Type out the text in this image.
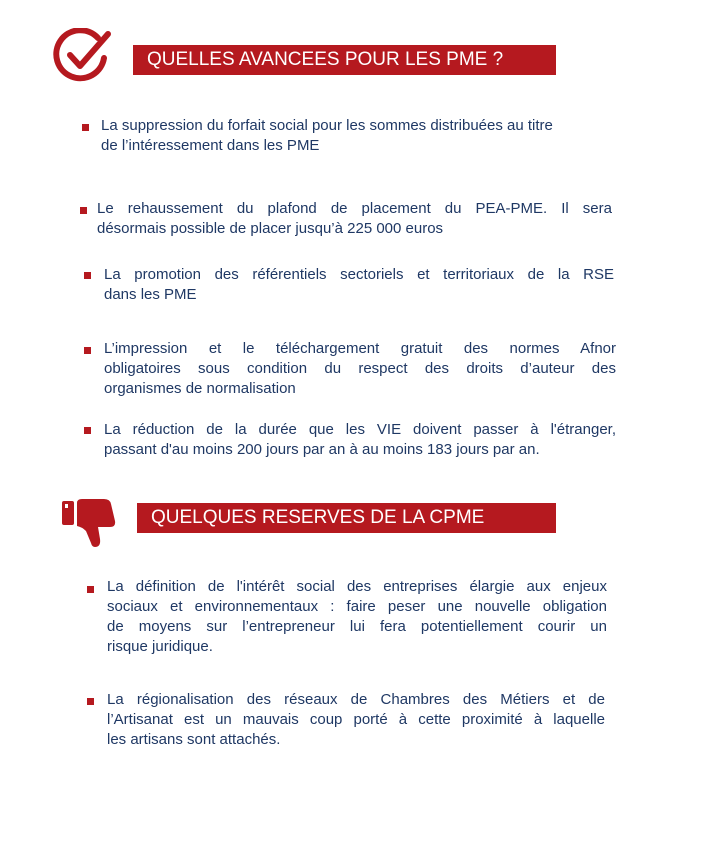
QUELLES AVANCEES POUR LES PME ?
La suppression du forfait social pour les sommes distribuées au titre
de l’intéressement dans les PME
Le rehaussement du plafond de placement du PEA-PME. Il sera
désormais possible de placer jusqu’à 225 000 euros
La promotion des référentiels sectoriels et territoriaux de la RSE
dans les PME
L’impression et le téléchargement gratuit des normes Afnor
obligatoires sous condition du respect des droits d’auteur des
organismes de normalisation
La réduction de la durée que les VIE doivent passer à l'étranger,
passant d'au moins 200 jours par an à au moins 183 jours par an.
QUELQUES RESERVES DE LA CPME
La définition de l'intérêt social des entreprises élargie aux enjeux
sociaux et environnementaux : faire peser une nouvelle obligation
de moyens sur l’entrepreneur lui fera potentiellement courir un
risque juridique.
La régionalisation des réseaux de Chambres des Métiers et de
l’Artisanat est un mauvais coup porté à cette proximité à laquelle
les artisans sont attachés.
